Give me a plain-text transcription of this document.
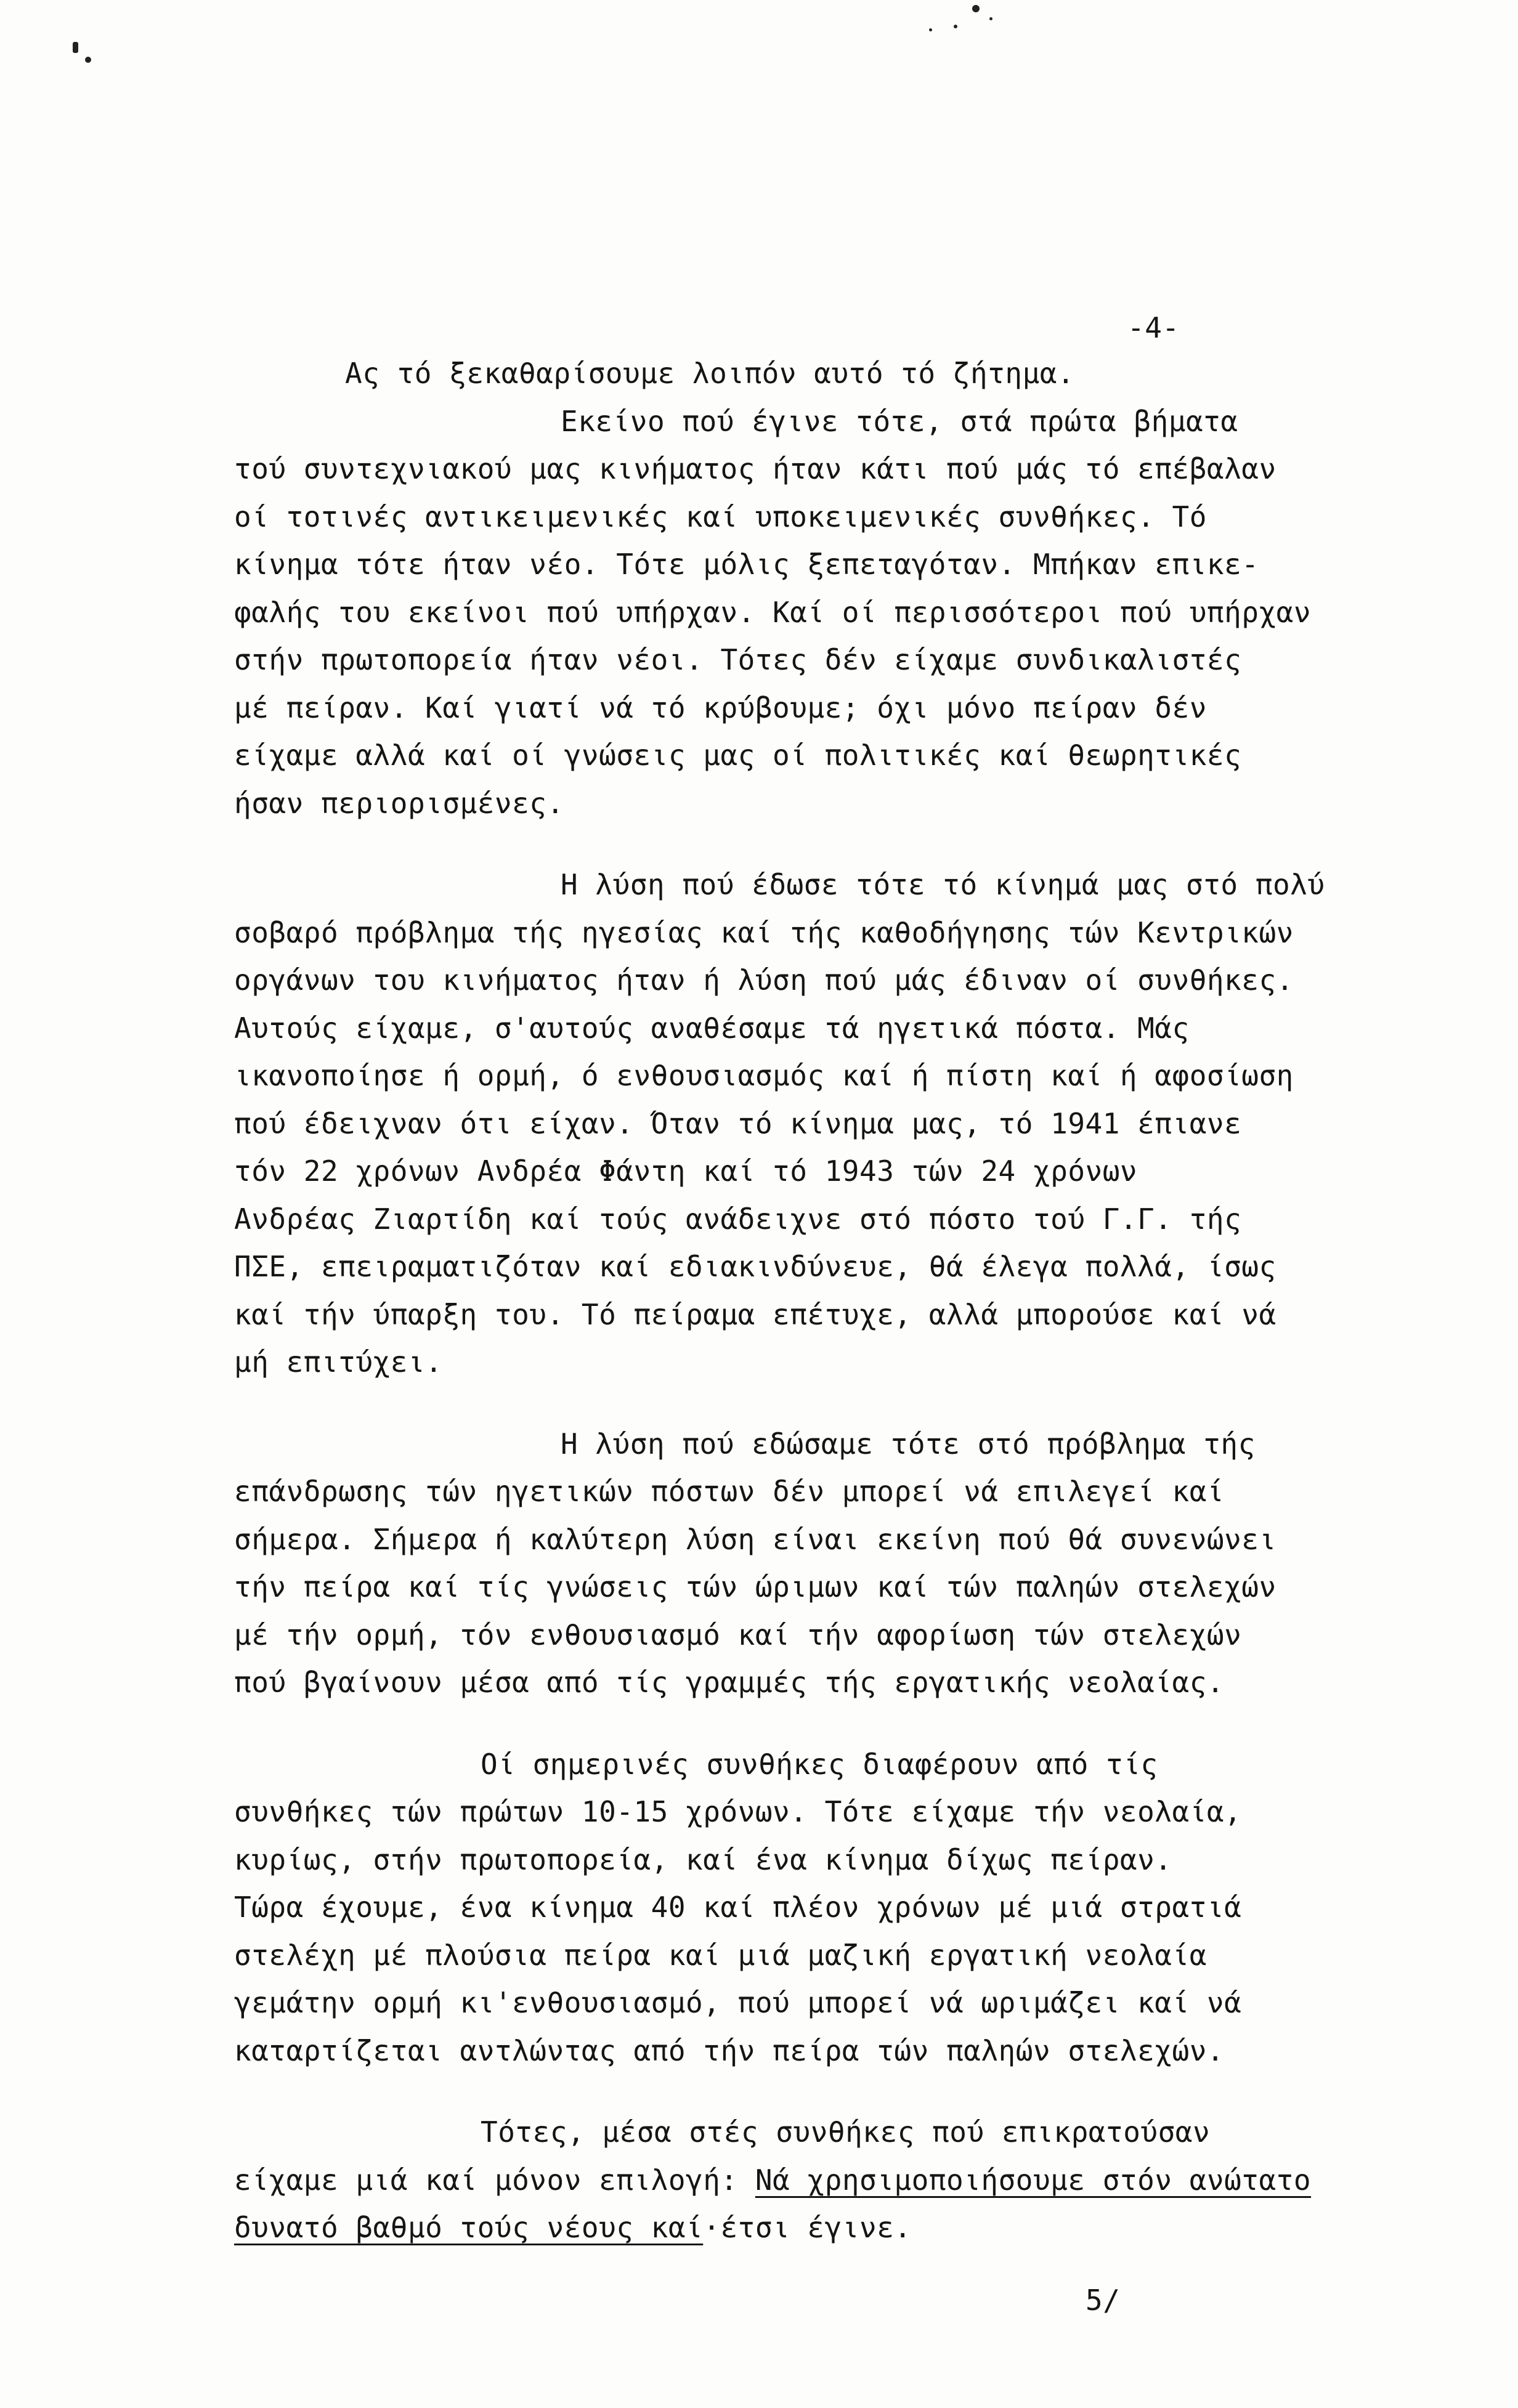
-4-
Ας τό ξεκαθαρίσουμε λοιπόν αυτό τό ζήτημα.
Εκείνο πού έγινε τότε, στά πρώτα βήματα
τού συντεχνιακού μας κινήματος ήταν κάτι πού μάς τό επέβαλαν
οί τοτινές αντικειμενικές καί υποκειμενικές συνθήκες. Τό
κίνημα τότε ήταν νέο. Τότε μόλις ξεπεταγόταν. Μπήκαν επικε-
φαλής του εκείνοι πού υπήρχαν. Καί οί περισσότεροι πού υπήρχαν
στήν πρωτοπορεία ήταν νέοι. Τότες δέν είχαμε συνδικαλιστές
μέ πείραν. Καί γιατί νά τό κρύβουμε; όχι μόνο πείραν δέν
είχαμε αλλά καί οί γνώσεις μας οί πολιτικές καί θεωρητικές
ήσαν περιορισμένες.
Η λύση πού έδωσε τότε τό κίνημά μας στό πολύ
σοβαρό πρόβλημα τής ηγεσίας καί τής καθοδήγησης τών Κεντρικών
οργάνων του κινήματος ήταν ή λύση πού μάς έδιναν οί συνθήκες.
Αυτούς είχαμε, σ'αυτούς αναθέσαμε τά ηγετικά πόστα. Μάς
ικανοποίησε ή ορμή, ό ενθουσιασμός καί ή πίστη καί ή αφοσίωση
πού έδειχναν ότι είχαν. Όταν τό κίνημα μας, τό 1941 έπιανε
τόν 22 χρόνων Ανδρέα Φάντη καί τό 1943 τών 24 χρόνων
Ανδρέας Ζιαρτίδη καί τούς ανάδειχνε στό πόστο τού Γ.Γ. τής
ΠΣΕ, επειραματιζόταν καί εδιακινδύνευε, θά έλεγα πολλά, ίσως
καί τήν ύπαρξη του. Τό πείραμα επέτυχε, αλλά μπορούσε καί νά
μή επιτύχει.
Η λύση πού εδώσαμε τότε στό πρόβλημα τής
επάνδρωσης τών ηγετικών πόστων δέν μπορεί νά επιλεγεί καί
σήμερα. Σήμερα ή καλύτερη λύση είναι εκείνη πού θά συνενώνει
τήν πείρα καί τίς γνώσεις τών ώριμων καί τών παληών στελεχών
μέ τήν ορμή, τόν ενθουσιασμό καί τήν αφορίωση τών στελεχών
πού βγαίνουν μέσα από τίς γραμμές τής εργατικής νεολαίας.
Οί σημερινές συνθήκες διαφέρουν από τίς
συνθήκες τών πρώτων 10-15 χρόνων. Τότε είχαμε τήν νεολαία,
κυρίως, στήν πρωτοπορεία, καί ένα κίνημα δίχως πείραν.
Τώρα έχουμε, ένα κίνημα 40 καί πλέον χρόνων μέ μιά στρατιά
στελέχη μέ πλούσια πείρα καί μιά μαζική εργατική νεολαία
γεμάτην ορμή κι'ενθουσιασμό, πού μπορεί νά ωριμάζει καί νά
καταρτίζεται αντλώντας από τήν πείρα τών παληών στελεχών.
Τότες, μέσα στές συνθήκες πού επικρατούσαν
είχαμε μιά καί μόνον επιλογή: Νά χρησιμοποιήσουμε στόν ανώτατο
δυνατό βαθμό τούς νέους καί·έτσι έγινε.
5/
